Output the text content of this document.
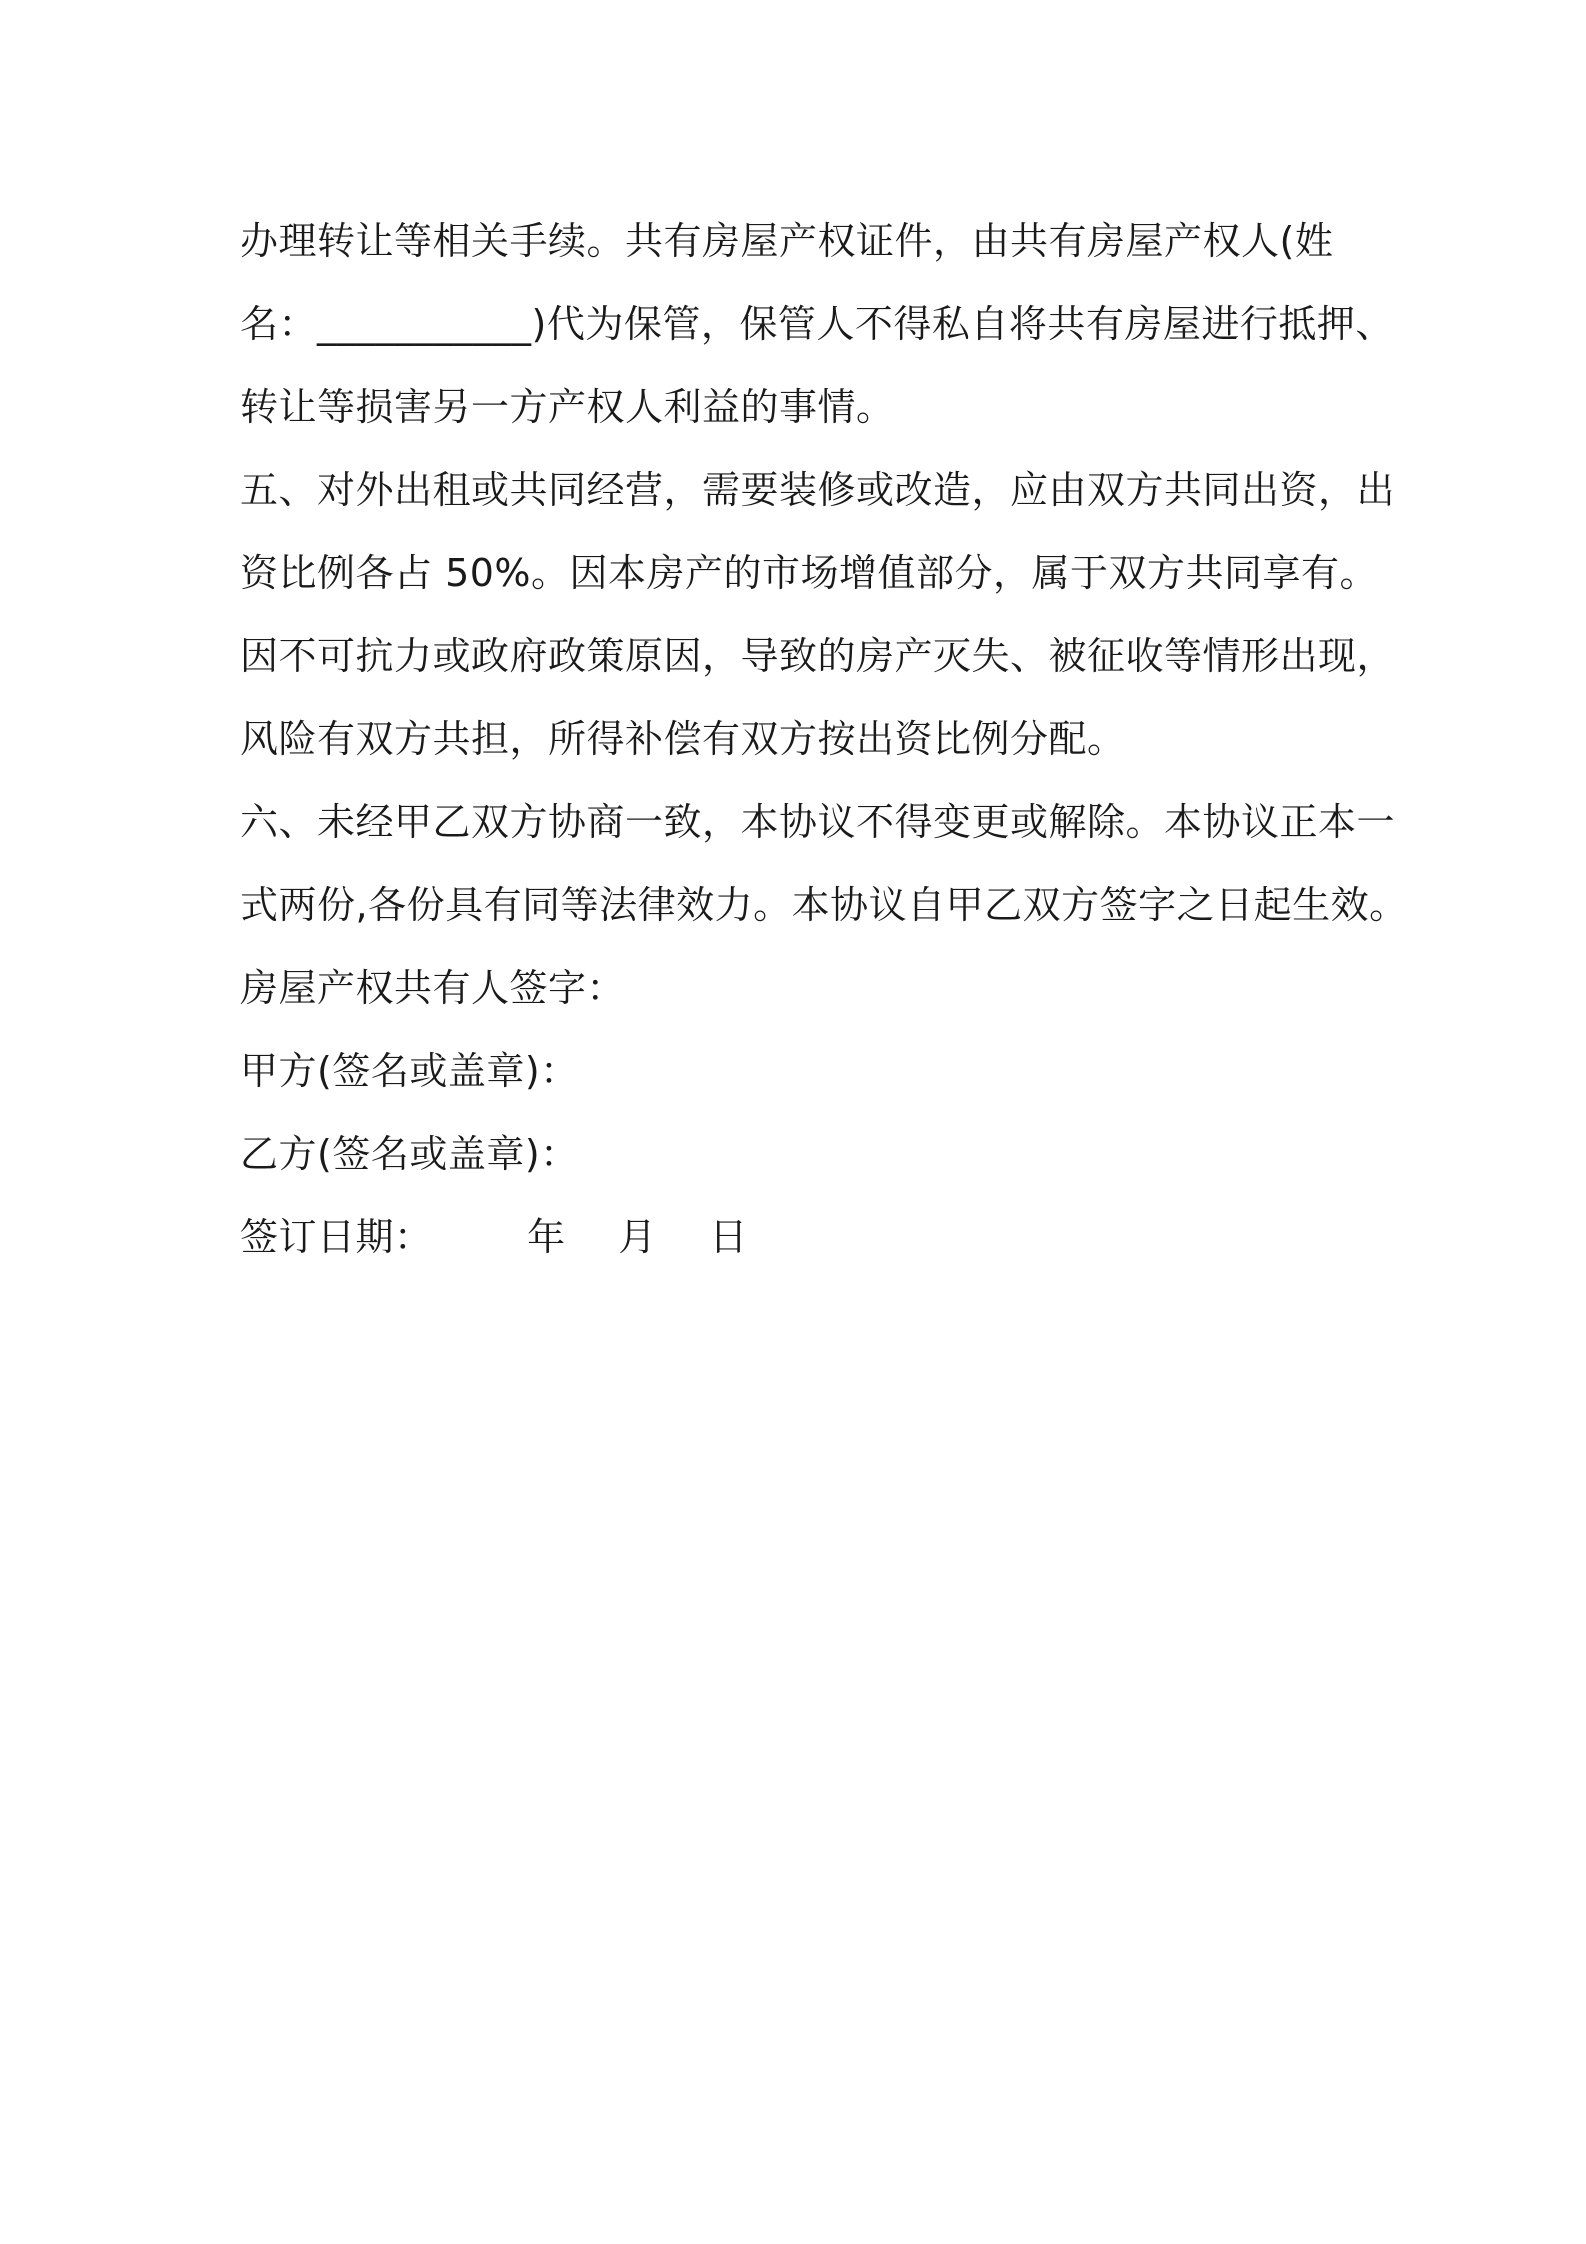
办理转让等相关手续。共有房屋产权证件，由共有房屋产权人(姓
名：___________)代为保管，保管人不得私自将共有房屋进行抵押、
转让等损害另一方产权人利益的事情。
五、对外出租或共同经营，需要装修或改造，应由双方共同出资，出
资比例各占 50%。因本房产的市场增值部分，属于双方共同享有。
因不可抗力或政府政策原因，导致的房产灭失、被征收等情形出现，
风险有双方共担，所得补偿有双方按出资比例分配。
六、未经甲乙双方协商一致，本协议不得变更或解除。本协议正本一
式两份,各份具有同等法律效力。本协议自甲乙双方签字之日起生效。
房屋产权共有人签字：
甲方(签名或盖章)：
乙方(签名或盖章)：
签订日期： 年 月 日
